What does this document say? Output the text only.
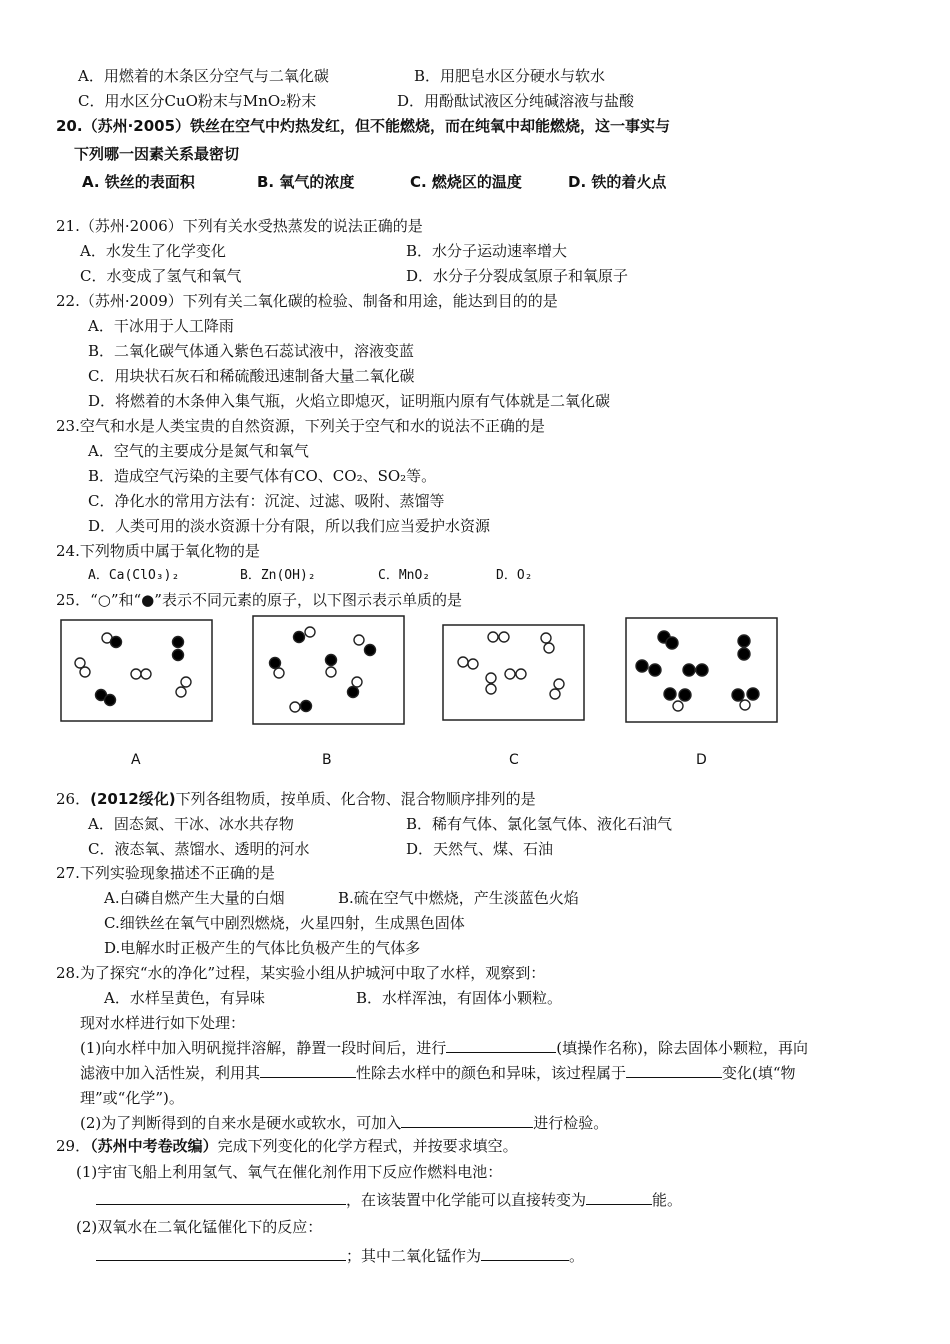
A．用燃着的木条区分空气与二氧化碳	B．用肥皂水区分硬水与软水
C．用水区分CuO粉末与MnO₂粉末	D．用酚酞试液区分纯碱溶液与盐酸
20.（苏州·2005）铁丝在空气中灼热发红，但不能燃烧，而在纯氧中却能燃烧，这一事实与
下列哪一因素关系最密切
A. 铁丝的表面积	B. 氧气的浓度	C. 燃烧区的温度	D. 铁的着火点
21.（苏州·2006）下列有关水受热蒸发的说法正确的是
A．水发生了化学变化	B．水分子运动速率增大
C．水变成了氢气和氧气	D．水分子分裂成氢原子和氧原子
22.（苏州·2009）下列有关二氧化碳的检验、制备和用途，能达到目的的是
A．干冰用于人工降雨
B．二氧化碳气体通入紫色石蕊试液中，溶液变蓝
C．用块状石灰石和稀硫酸迅速制备大量二氧化碳
D．将燃着的木条伸入集气瓶，火焰立即熄灭，证明瓶内原有气体就是二氧化碳
23.空气和水是人类宝贵的自然资源，下列关于空气和水的说法不正确的是
A．空气的主要成分是氮气和氧气
B．造成空气污染的主要气体有CO、CO₂、SO₂等。
C．净化水的常用方法有：沉淀、过滤、吸附、蒸馏等
D．人类可用的淡水资源十分有限，所以我们应当爱护水资源
24.下列物质中属于氧化物的是
A．Ca(ClO₃)₂	B．Zn(OH)₂	C．MnO₂	D．O₂
25．“○”和“●”表示不同元素的原子，以下图示表示单质的是
A	B	C	D
26．(2012绥化)下列各组物质，按单质、化合物、混合物顺序排列的是
A．固态氮、干冰、冰水共存物	B．稀有气体、氯化氢气体、液化石油气
C．液态氧、蒸馏水、透明的河水	D．天然气、煤、石油
27.下列实验现象描述不正确的是
A.白磷自燃产生大量的白烟	B.硫在空气中燃烧，产生淡蓝色火焰
C.细铁丝在氧气中剧烈燃烧，火星四射，生成黑色固体
D.电解水时正极产生的气体比负极产生的气体多
28.为了探究“水的净化”过程，某实验小组从护城河中取了水样，观察到：
A．水样呈黄色，有异味	B．水样浑浊，有固体小颗粒。
现对水样进行如下处理：
(1)向水样中加入明矾搅拌溶解，静置一段时间后，进行	(填操作名称)，除去固体小颗粒，再向
滤液中加入活性炭，利用其	性除去水样中的颜色和异味，该过程属于	变化(填“物
理”或“化学”)。
(2)为了判断得到的自来水是硬水或软水，可加入	进行检验。
29．（苏州中考卷改编）完成下列变化的化学方程式，并按要求填空。
(1)宇宙飞船上利用氢气、氧气在催化剂作用下反应作燃料电池：
，在该装置中化学能可以直接转变为	能。
(2)双氧水在二氧化锰催化下的反应：
；其中二氧化锰作为	。
